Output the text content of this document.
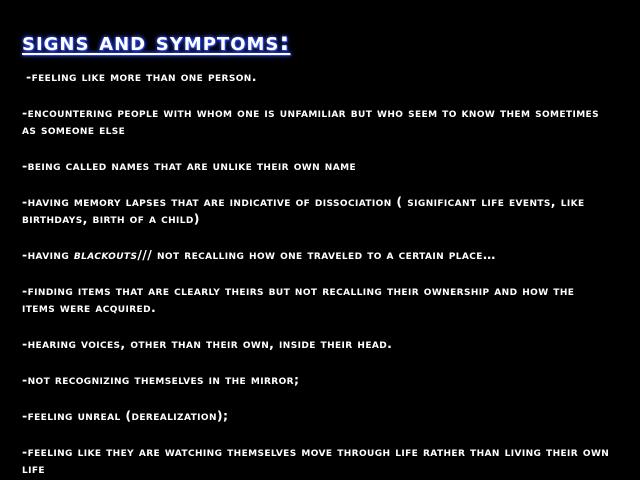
signs and symptoms:
-feeling like more than one person.
-encountering people with whom one is unfamiliar but who seem to know them sometimes as someone else
-being called names that are unlike their own name
-having memory lapses that are indicative of dissociation ( significant life events, like birthdays, birth of a child)
-having blackouts/// not recalling how one traveled to a certain place…
-finding items that are clearly theirs but not recalling their ownership and how the items were acquired.
-hearing voices, other than their own, inside their head.
-not recognizing themselves in the mirror;
-feeling unreal (derealization);
-feeling like they are watching themselves move through life rather than living their own life
